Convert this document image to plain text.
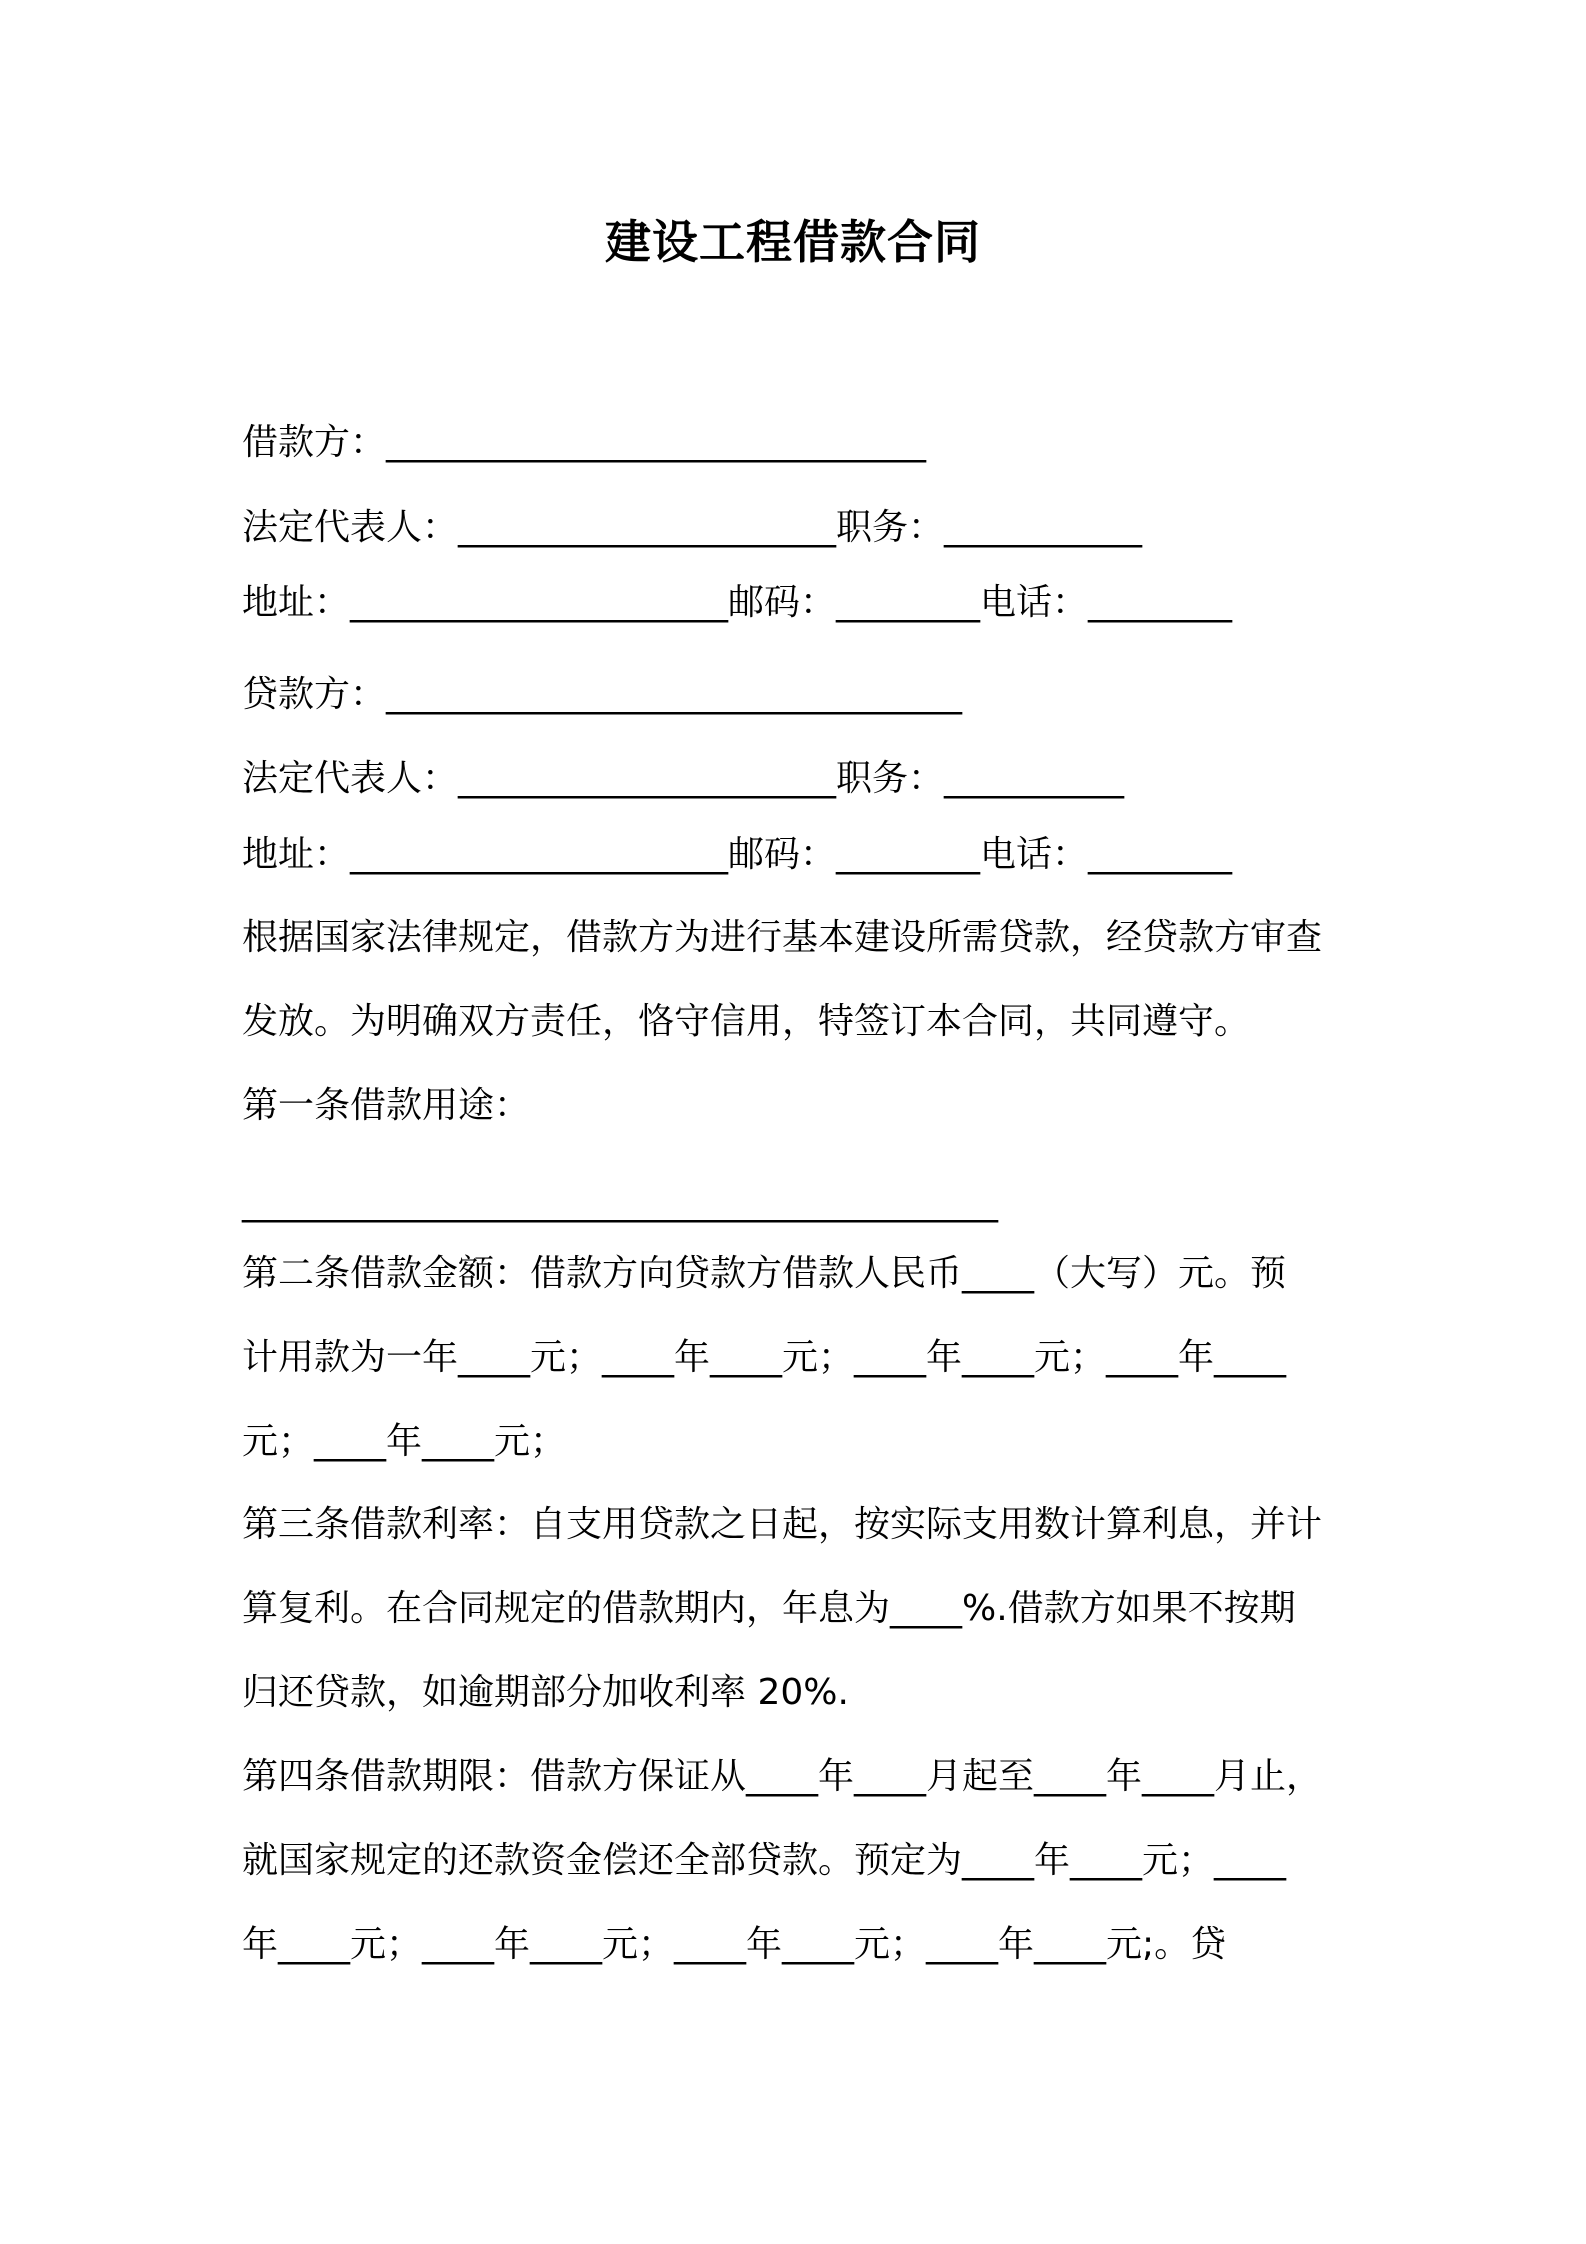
建设工程借款合同

借款方：______________________________

法定代表人：_____________________职务：___________

地址：_____________________邮码：________电话：________

贷款方：________________________________

法定代表人：_____________________职务：__________

地址：_____________________邮码：________电话：________

根据国家法律规定，借款方为进行基本建设所需贷款，经贷款方审查

发放。为明确双方责任，恪守信用，特签订本合同，共同遵守。

第一条借款用途：

__________________________________________

第二条借款金额：借款方向贷款方借款人民币____（大写）元。预

计用款为一年____元；____年____元；____年____元；____年____

元；____年____元；

第三条借款利率：自支用贷款之日起，按实际支用数计算利息，并计

算复利。在合同规定的借款期内，年息为____%.借款方如果不按期

归还贷款，如逾期部分加收利率 20%.

第四条借款期限：借款方保证从____年____月起至____年____月止，

就国家规定的还款资金偿还全部贷款。预定为____年____元；____

年____元；____年____元；____年____元；____年____元;。贷
